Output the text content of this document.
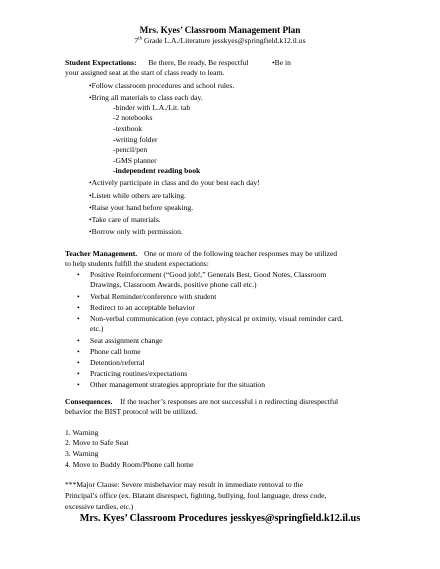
Mrs. Kyes’ Classroom Management Plan
7th Grade L.A./Literature jesskyes@springfield.k12.il.us
Student Expectations: Be there, Be ready, Be respectful	•Be in
your assigned seat at the start of class ready to learn.
•Follow classroom procedures and school rules.
•Bring all materials to class each day.
-binder with L.A./Lit. tab
-2 notebooks
-textbook
-writing folder
-pencil/pen
-GMS planner
-independent reading book
•Actively participate in class and do your best each day!
•Listen while others are talking.
•Raise your hand before speaking.
•Take care of materials.
•Borrow only with permission.
Teacher Management. One or more of the following teacher responses may be utilized
to help students fulfill the student expectations:
• Positive Reinforcement (“Good job!,” Generals Best, Good Notes, Classroom
Drawings, Classroom Awards, positive phone call etc.)
• Verbal Reminder/conference with student
• Redirect to an acceptable behavior
• Non-verbal communication (eye contact, physical pr oximity, visual reminder card,
etc.)
• Seat assignment change
• Phone call home
• Detention/referral
• Practicing routines/expectations
• Other management strategies appropriate for the situation
Consequences. If the teacher’s responses are not successful i n redirecting disrespectful
behavior the BIST protocol will be utilized.
1. Warning
2. Move to Safe Seat
3. Warning
4. Move to Buddy Room/Phone call home
***Major Clause: Severe misbehavior may result in immediate removal to the
Principal’s office (ex. Blatant disrespect, fighting, bullying, foul language, dress code,
excessive tardies, etc.)
Mrs. Kyes’ Classroom Procedures jesskyes@springfield.k12.il.us
